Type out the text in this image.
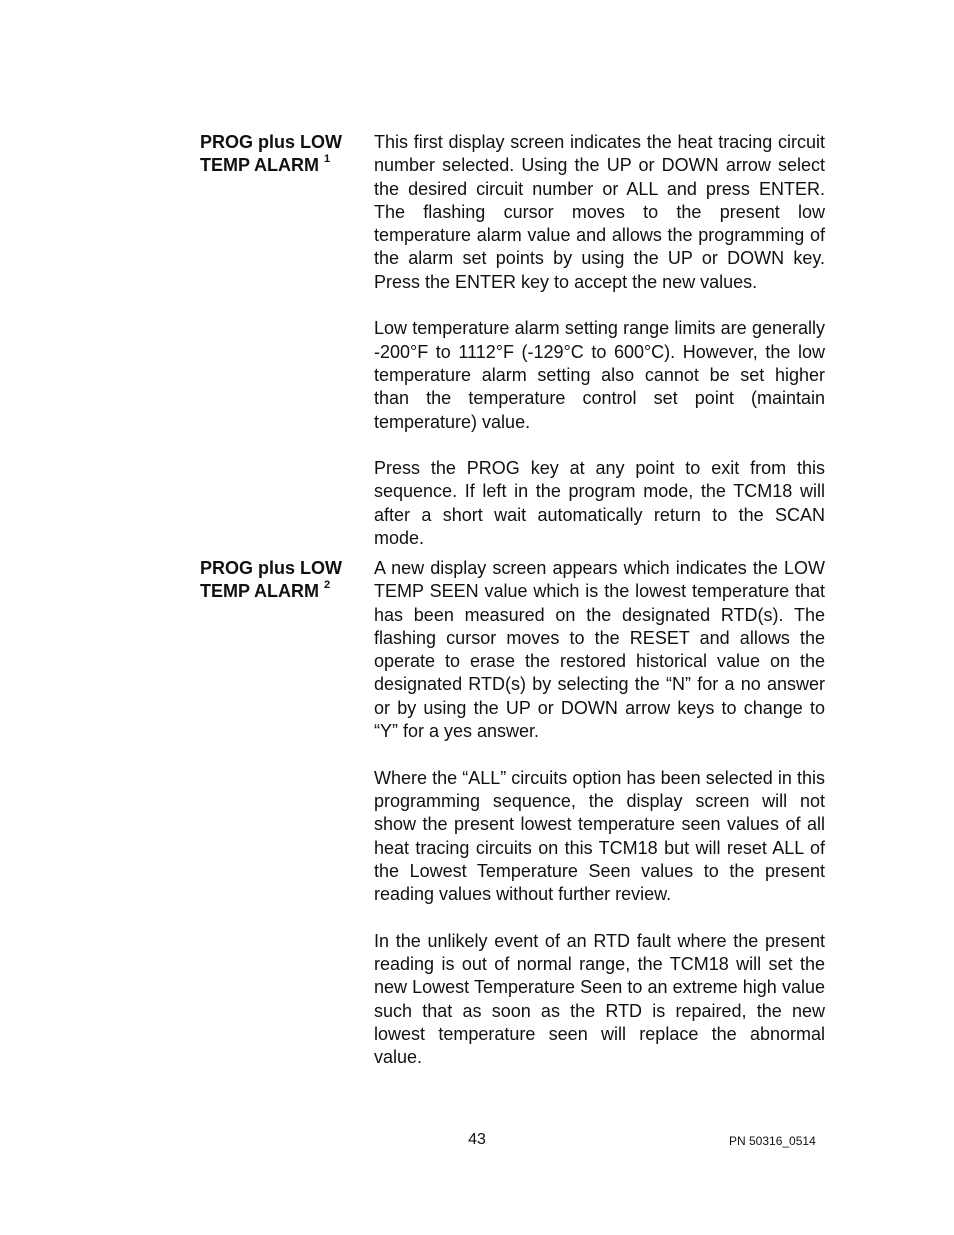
PROG plus LOW TEMP ALARM $^1$

This first display screen indicates the heat tracing circuit number selected. Using the UP or DOWN arrow select the desired circuit number or ALL and press ENTER. The flashing cursor moves to the present low temperature alarm value and allows the programming of the alarm set points by using the UP or DOWN key. Press the ENTER key to accept the new values.

Low temperature alarm setting range limits are generally -200°F to 1112°F (-129°C to 600°C). However, the low temperature alarm setting also cannot be set higher than the temperature control set point (maintain temperature) value.

Press the PROG key at any point to exit from this sequence. If left in the program mode, the TCM18 will after a short wait automatically return to the SCAN mode.

PROG plus LOW TEMP ALARM $^2$

A new display screen appears which indicates the LOW TEMP SEEN value which is the lowest temperature that has been measured on the designated RTD(s). The flashing cursor moves to the RESET and allows the operate to erase the restored historical value on the designated RTD(s) by selecting the “N” for a no answer or by using the UP or DOWN arrow keys to change to “Y” for a yes answer.

Where the “ALL” circuits option has been selected in this programming sequence, the display screen will not show the present lowest temperature seen values of all heat tracing circuits on this TCM18 but will reset ALL of the Lowest Temperature Seen values to the present reading values without further review.

In the unlikely event of an RTD fault where the present reading is out of normal range, the TCM18 will set the new Lowest Temperature Seen to an extreme high value such that as soon as the RTD is repaired, the new lowest temperature seen will replace the abnormal value.

43	PN 50316_0514
